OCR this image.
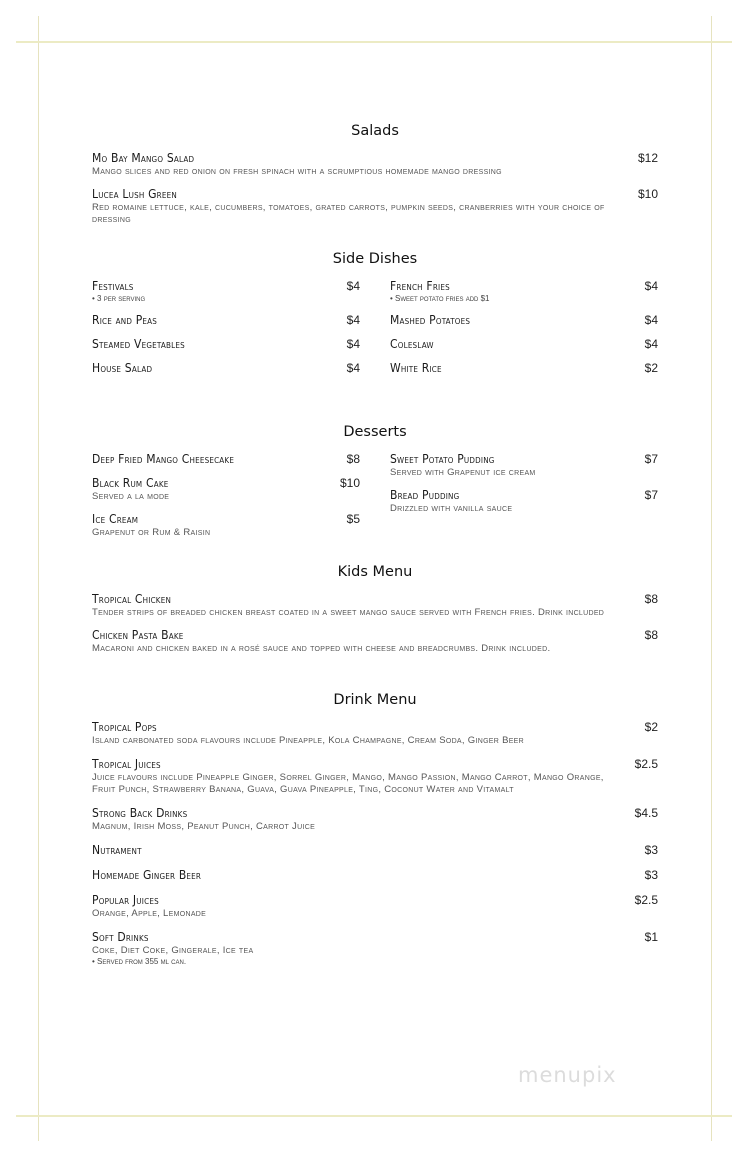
Salads
Mo Bay Mango Salad	$12
Mango slices and red onion on fresh spinach with a scrumptious homemade mango dressing
Lucea Lush Green	$10
Red romaine lettuce, kale, cucumbers, tomatoes, grated carrots, pumpkin seeds, cranberries with your choice of dressing
Side Dishes
Festivals	$4
• 3 per serving
Rice and Peas	$4
Steamed Vegetables	$4
House Salad	$4
French Fries	$4
• Sweet potato fries add $1
Mashed Potatoes	$4
Coleslaw	$4
White Rice	$2
Desserts
Deep Fried Mango Cheesecake	$8
Black Rum Cake	$10
Served a la mode
Ice Cream	$5
Grapenut or Rum & Raisin
Sweet Potato Pudding	$7
Served with Grapenut ice cream
Bread Pudding	$7
Drizzled with vanilla sauce
Kids Menu
Tropical Chicken	$8
Tender strips of breaded chicken breast coated in a sweet mango sauce served with French fries. Drink included
Chicken Pasta Bake	$8
Macaroni and chicken baked in a rosé sauce and topped with cheese and breadcrumbs. Drink included.
Drink Menu
Tropical Pops	$2
Island carbonated soda flavours include Pineapple, Kola Champagne, Cream Soda, Ginger Beer
Tropical Juices	$2.5
Juice flavours include Pineapple Ginger, Sorrel Ginger, Mango, Mango Passion, Mango Carrot, Mango Orange, Fruit Punch, Strawberry Banana, Guava, Guava Pineapple, Ting, Coconut Water and Vitamalt
Strong Back Drinks	$4.5
Magnum, Irish Moss, Peanut Punch, Carrot Juice
Nutrament	$3
Homemade Ginger Beer	$3
Popular Juices	$2.5
Orange, Apple, Lemonade
Soft Drinks	$1
Coke, Diet Coke, Gingerale, Ice tea
• Served from 355 ml can.
menupix
